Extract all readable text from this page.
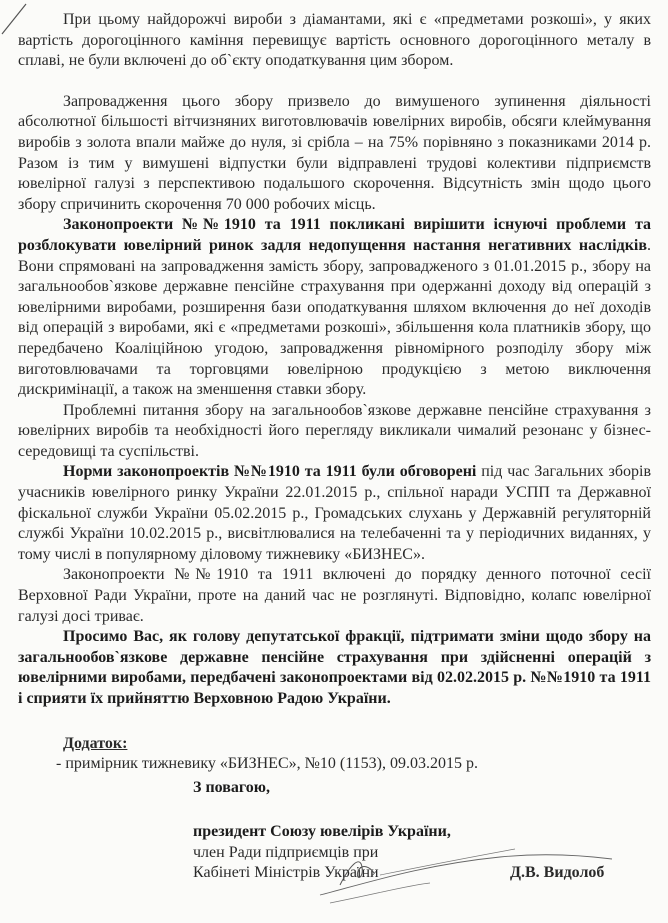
При цьому найдорожчі вироби з діамантами, які є «предметами розкоші», у яких вартість дорогоцінного каміння перевищує вартість основного дорогоцінного металу в сплаві, не були включені до об`єкту оподаткування цим збором.

Запровадження цього збору призвело до вимушеного зупинення діяльності абсолютної більшості вітчизняних виготовлювачів ювелірних виробів, обсяги клеймування виробів з золота впали майже до нуля, зі срібла – на 75% порівняно з показниками 2014 р. Разом із тим у вимушені відпустки були відправлені трудові колективи підприємств ювелірної галузі з перспективою подальшого скорочення. Відсутність змін щодо цього збору спричинить скорочення 70 000 робочих місць.

Законопроекти №№1910 та 1911 покликані вирішити існуючі проблеми та розблокувати ювелірний ринок задля недопущення настання негативних наслідків. Вони спрямовані на запровадження замість збору, запровадженого з 01.01.2015 р., збору на загальнообов`язкове державне пенсійне страхування при одержанні доходу від операцій з ювелірними виробами, розширення бази оподаткування шляхом включення до неї доходів від операцій з виробами, які є «предметами розкоші», збільшення кола платників збору, що передбачено Коаліційною угодою, запровадження рівномірного розподілу збору між виготовлювачами та торговцями ювелірною продукцією з метою виключення дискримінації, а також на зменшення ставки збору.

Проблемні питання збору на загальнообов`язкове державне пенсійне страхування з ювелірних виробів та необхідності його перегляду викликали чималий резонанс у бізнес-середовищі та суспільстві.

Норми законопроектів №№1910 та 1911 були обговорені під час Загальних зборів учасників ювелірного ринку України 22.01.2015 р., спільної наради УСПП та Державної фіскальної служби України 05.02.2015 р., Громадських слухань у Державній регуляторній службі України 10.02.2015 р., висвітлювалися на телебаченні та у періодичних виданнях, у тому числі в популярному діловому тижневику «БИЗНЕС».

Законопроекти №№1910 та 1911 включені до порядку денного поточної сесії Верховної Ради України, проте на даний час не розглянуті. Відповідно, колапс ювелірної галузі досі триває.

Просимо Вас, як голову депутатської фракції, підтримати зміни щодо збору на загальнообов`язкове державне пенсійне страхування при здійсненні операцій з ювелірними виробами, передбачені законопроектами від 02.02.2015 р. №№1910 та 1911 і сприяти їх прийняттю Верховною Радою України.

Додаток:
- примірник тижневику «БИЗНЕС», №10 (1153), 09.03.2015 р.
З повагою,
президент Союзу ювелірів України,
член Ради підприємців при
Кабінеті Міністрів України	Д.В. Видолоб
